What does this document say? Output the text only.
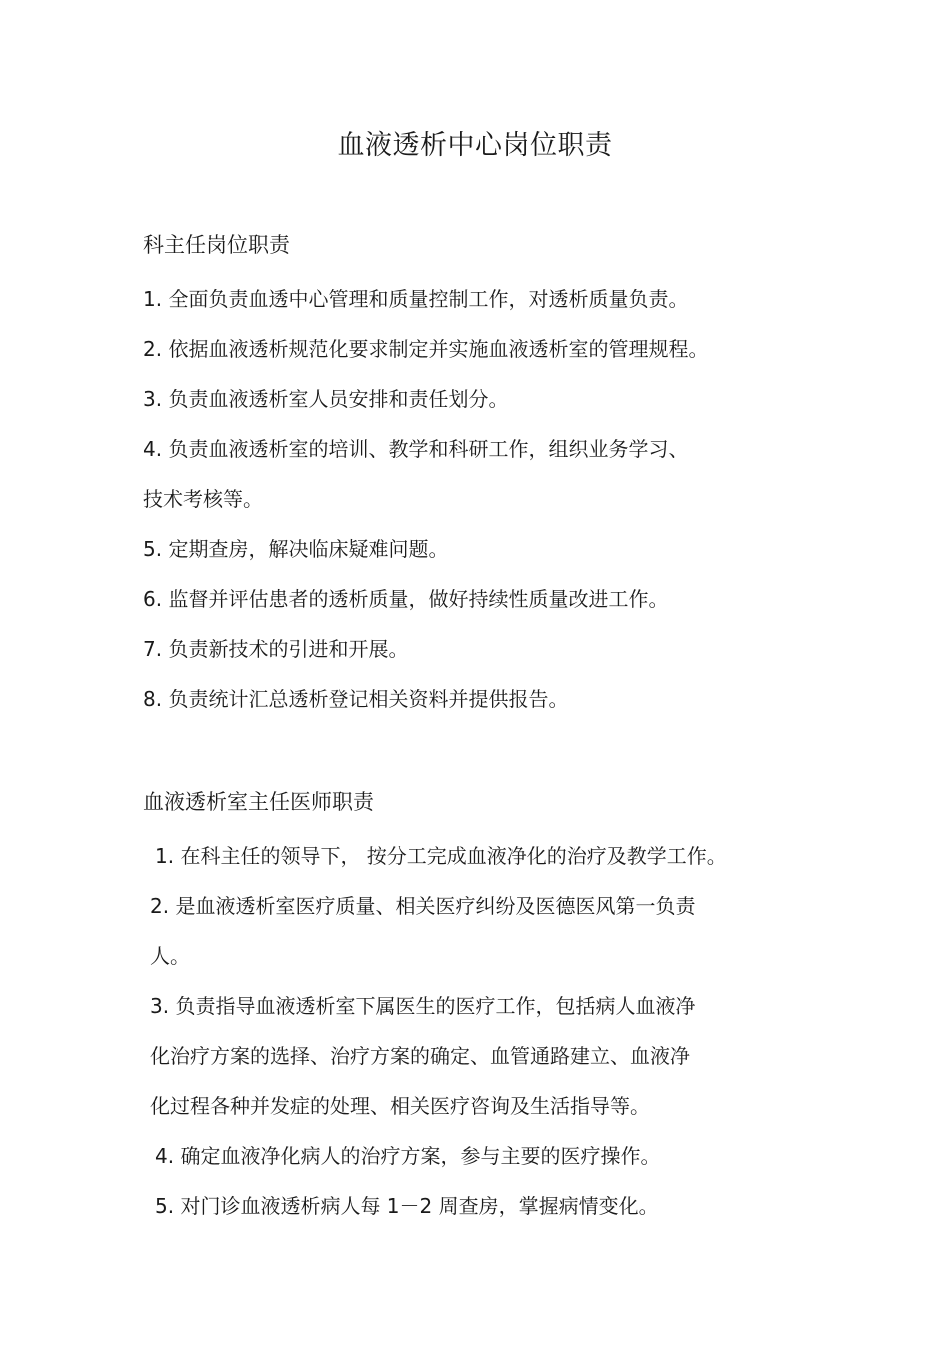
血液透析中心岗位职责
科主任岗位职责

1. 全面负责血透中心管理和质量控制工作，对透析质量负责。

2. 依据血液透析规范化要求制定并实施血液透析室的管理规程。

3. 负责血液透析室人员安排和责任划分。

4. 负责血液透析室的培训、教学和科研工作，组织业务学习、

技术考核等。

5. 定期查房，解决临床疑难问题。

6. 监督并评估患者的透析质量，做好持续性质量改进工作。

7. 负责新技术的引进和开展。

8. 负责统计汇总透析登记相关资料并提供报告。

血液透析室主任医师职责

1. 在科主任的领导下， 按分工完成血液净化的治疗及教学工作。

2. 是血液透析室医疗质量、相关医疗纠纷及医德医风第一负责

人。

3. 负责指导血液透析室下属医生的医疗工作，包括病人血液净

化治疗方案的选择、治疗方案的确定、血管通路建立、血液净

化过程各种并发症的处理、相关医疗咨询及生活指导等。

4. 确定血液净化病人的治疗方案，参与主要的医疗操作。

5. 对门诊血液透析病人每 1－2 周查房，掌握病情变化。
